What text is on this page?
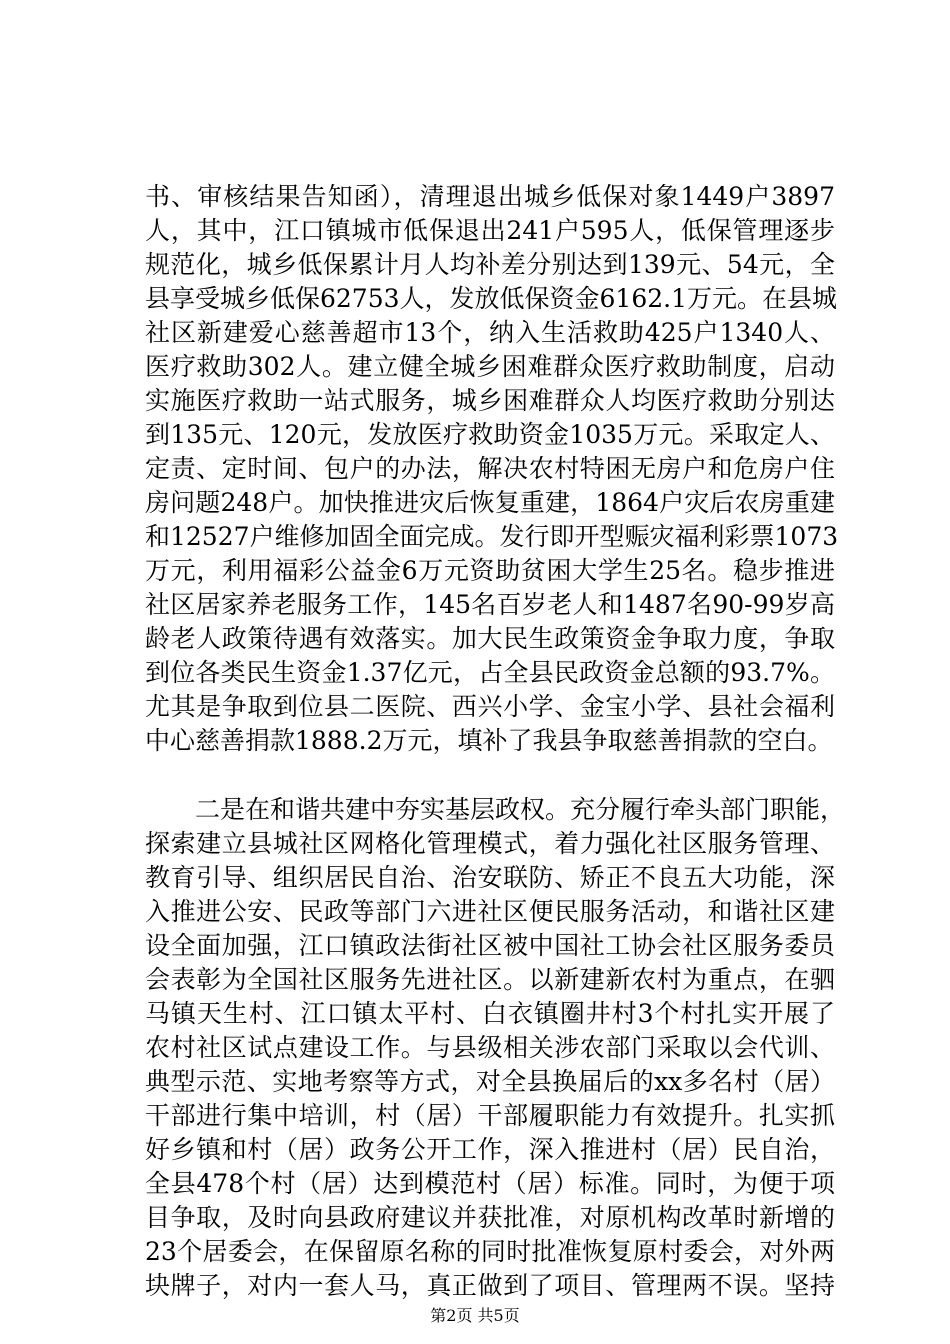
书、审核结果告知函），清理退出城乡低保对象1449户3897
人，其中，江口镇城市低保退出241户595人，低保管理逐步
规范化，城乡低保累计月人均补差分别达到139元、54元，全
县享受城乡低保62753人，发放低保资金6162.1万元。在县城
社区新建爱心慈善超市13个，纳入生活救助425户1340人、
医疗救助302人。建立健全城乡困难群众医疗救助制度，启动
实施医疗救助一站式服务，城乡困难群众人均医疗救助分别达
到135元、120元，发放医疗救助资金1035万元。采取定人、
定责、定时间、包户的办法，解决农村特困无房户和危房户住
房问题248户。加快推进灾后恢复重建，1864户灾后农房重建
和12527户维修加固全面完成。发行即开型赈灾福利彩票1073
万元，利用福彩公益金6万元资助贫困大学生25名。稳步推进
社区居家养老服务工作，145名百岁老人和1487名90-99岁高
龄老人政策待遇有效落实。加大民生政策资金争取力度，争取
到位各类民生资金1.37亿元，占全县民政资金总额的93.7%。
尤其是争取到位县二医院、西兴小学、金宝小学、县社会福利
中心慈善捐款1888.2万元，填补了我县争取慈善捐款的空白。
　　二是在和谐共建中夯实基层政权。充分履行牵头部门职能，
探索建立县城社区网格化管理模式，着力强化社区服务管理、
教育引导、组织居民自治、治安联防、矫正不良五大功能，深
入推进公安、民政等部门六进社区便民服务活动，和谐社区建
设全面加强，江口镇政法街社区被中国社工协会社区服务委员
会表彰为全国社区服务先进社区。以新建新农村为重点，在驷
马镇天生村、江口镇太平村、白衣镇圈井村3个村扎实开展了
农村社区试点建设工作。与县级相关涉农部门采取以会代训、
典型示范、实地考察等方式，对全县换届后的xx多名村（居）
干部进行集中培训，村（居）干部履职能力有效提升。扎实抓
好乡镇和村（居）政务公开工作，深入推进村（居）民自治，
全县478个村（居）达到模范村（居）标准。同时，为便于项
目争取，及时向县政府建议并获批准，对原机构改革时新增的
23个居委会，在保留原名称的同时批准恢复原村委会，对外两
块牌子，对内一套人马，真正做到了项目、管理两不误。坚持
第2页 共5页
